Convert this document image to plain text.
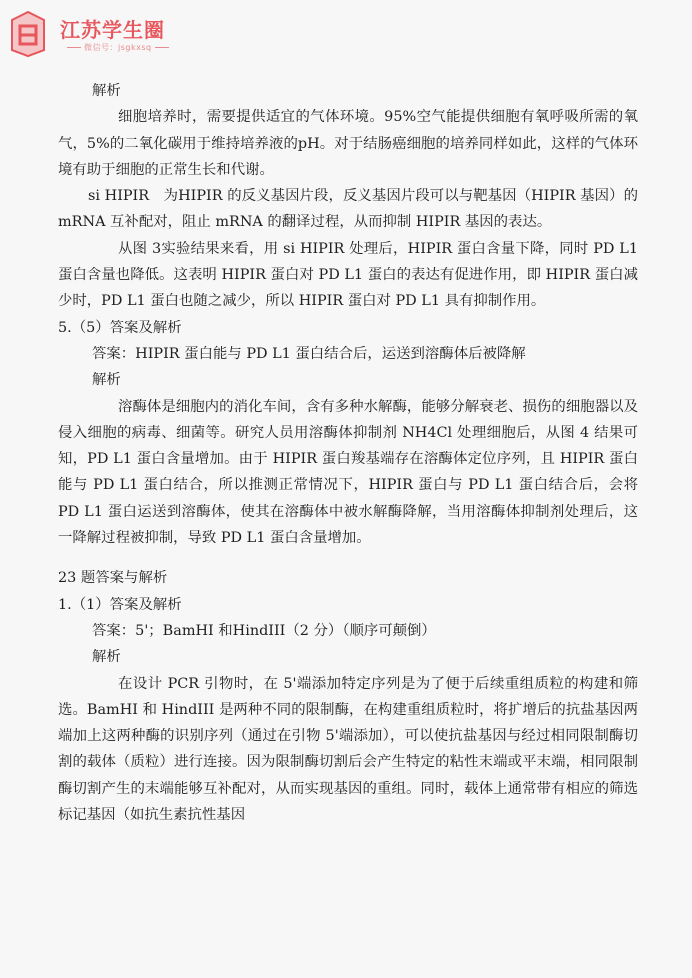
江苏学生圈
微信号：jsgkxsq

解析

细胞培养时，需要提供适宜的气体环境。95%空气能提供细胞有氧呼吸所需的氧气，5%的二氧化碳用于维持培养液的pH。对于结肠癌细胞的培养同样如此，这样的气体环境有助于细胞的正常生长和代谢。

si HIPIR　为HIPIR 的反义基因片段，反义基因片段可以与靶基因（HIPIR 基因）的 mRNA 互补配对，阻止 mRNA 的翻译过程，从而抑制 HIPIR 基因的表达。

从图 3实验结果来看，用 si HIPIR 处理后，HIPIR 蛋白含量下降，同时 PD L1 蛋白含量也降低。这表明 HIPIR 蛋白对 PD L1 蛋白的表达有促进作用，即 HIPIR 蛋白减少时，PD L1 蛋白也随之减少，所以 HIPIR 蛋白对 PD L1 具有抑制作用。

5.（5）答案及解析

答案：HIPIR 蛋白能与 PD L1 蛋白结合后，运送到溶酶体后被降解

解析

溶酶体是细胞内的消化车间，含有多种水解酶，能够分解衰老、损伤的细胞器以及侵入细胞的病毒、细菌等。研究人员用溶酶体抑制剂 NH4Cl 处理细胞后，从图 4 结果可知，PD L1 蛋白含量增加。由于 HIPIR 蛋白羧基端存在溶酶体定位序列，且 HIPIR 蛋白能与 PD L1 蛋白结合，所以推测正常情况下，HIPIR 蛋白与 PD L1 蛋白结合后，会将 PD L1 蛋白运送到溶酶体，使其在溶酶体中被水解酶降解，当用溶酶体抑制剂处理后，这一降解过程被抑制，导致 PD L1 蛋白含量增加。

23 题答案与解析

1.（1）答案及解析

答案：5'；BamHI 和HindIII（2 分）（顺序可颠倒）

解析

在设计 PCR 引物时，在 5'端添加特定序列是为了便于后续重组质粒的构建和筛选。BamHI 和 HindIII 是两种不同的限制酶，在构建重组质粒时，将扩增后的抗盐基因两端加上这两种酶的识别序列（通过在引物 5'端添加），可以使抗盐基因与经过相同限制酶切割的载体（质粒）进行连接。因为限制酶切割后会产生特定的粘性末端或平末端，相同限制酶切割产生的末端能够互补配对，从而实现基因的重组。同时，载体上通常带有相应的筛选标记基因（如抗生素抗性基因
